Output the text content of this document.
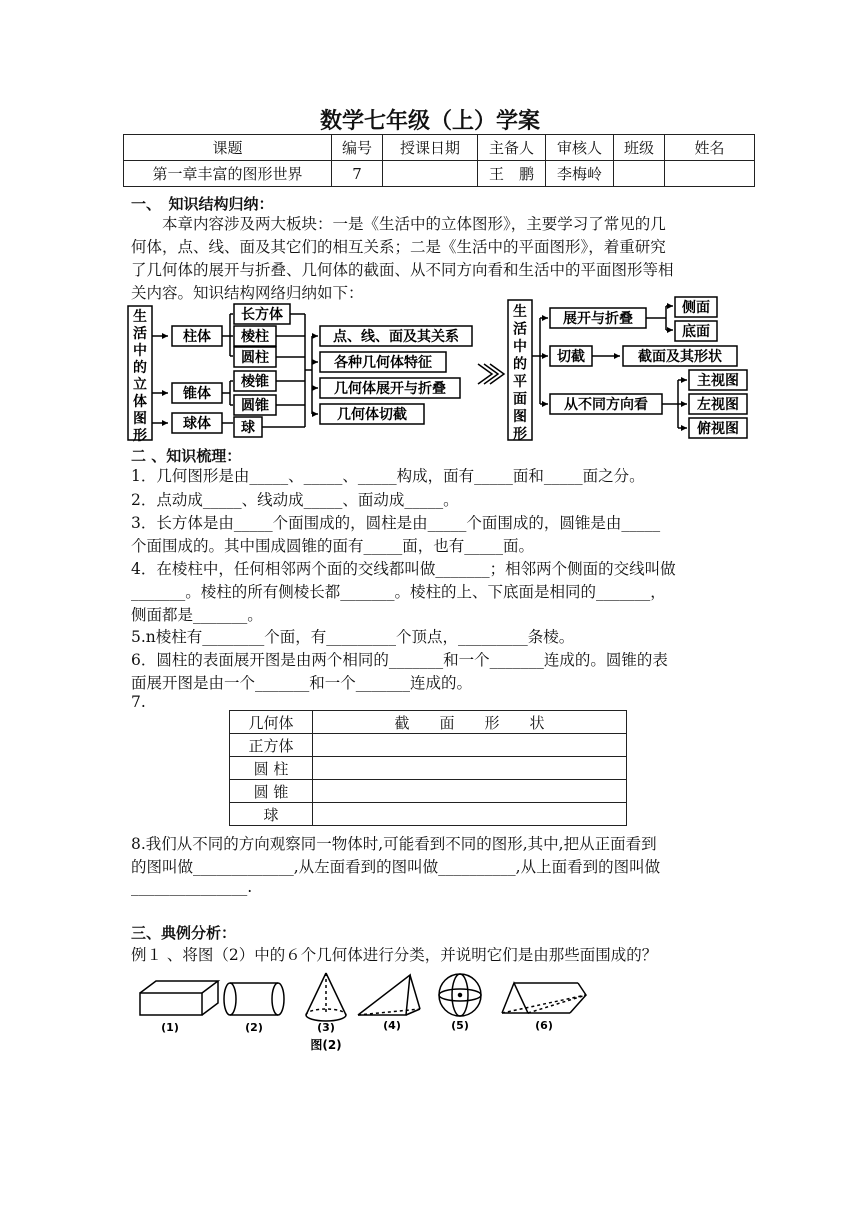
数学七年级（上）学案
课题	编号	授课日期	主备人	审核人	班级	姓名
第一章丰富的图形世界	7		王　鹏	李梅岭		
一、　知识结构归纳：
　　本章内容涉及两大板块：一是《生活中的立体图形》，主要学习了常见的几
何体，点、线、面及其它们的相互关系；二是《生活中的平面图形》，着重研究
了几何体的展开与折叠、几何体的截面、从不同方向看和生活中的平面图形等相
关内容。知识结构网络归纳如下：
生活中的立体图形
柱体
锥体
球体
长方体
棱柱
圆柱
棱锥
圆锥
球
点、线、面及其关系
各种几何体特征
几何体展开与折叠
几何体切截
生活中的平面图形
展开与折叠
切截
从不同方向看
侧面
底面
截面及其形状
主视图
左视图
俯视图
二 、知识梳理：
1．几何图形是由_____、_____、_____构成，面有_____面和_____面之分。
2．点动成_____、线动成_____、面动成_____。
3．长方体是由_____个面围成的，圆柱是由_____个面围成的，圆锥是由_____
个面围成的。其中围成圆锥的面有_____面，也有_____面。
4．在棱柱中，任何相邻两个面的交线都叫做_______；相邻两个侧面的交线叫做
_______。棱柱的所有侧棱长都_______。棱柱的上、下底面是相同的_______，
侧面都是_______。
5.n棱柱有________个面，有_________个顶点，_________条棱。
6．圆柱的表面展开图是由两个相同的_______和一个_______连成的。圆锥的表
面展开图是由一个_______和一个_______连成的。
7.
几何体	截　　面　　形　　状
正方体	
圆 柱	
圆 锥	
球	
8.我们从不同的方向观察同一物体时,可能看到不同的图形,其中,把从正面看到
的图叫做_____________,从左面看到的图叫做__________,从上面看到的图叫做
_______________.
三、典例分析：
例１ 、将图（2）中的６个几何体进行分类，并说明它们是由那些面围成的？
(1)	(2)	(3)	(4)	(5)	(6)
图(2)
